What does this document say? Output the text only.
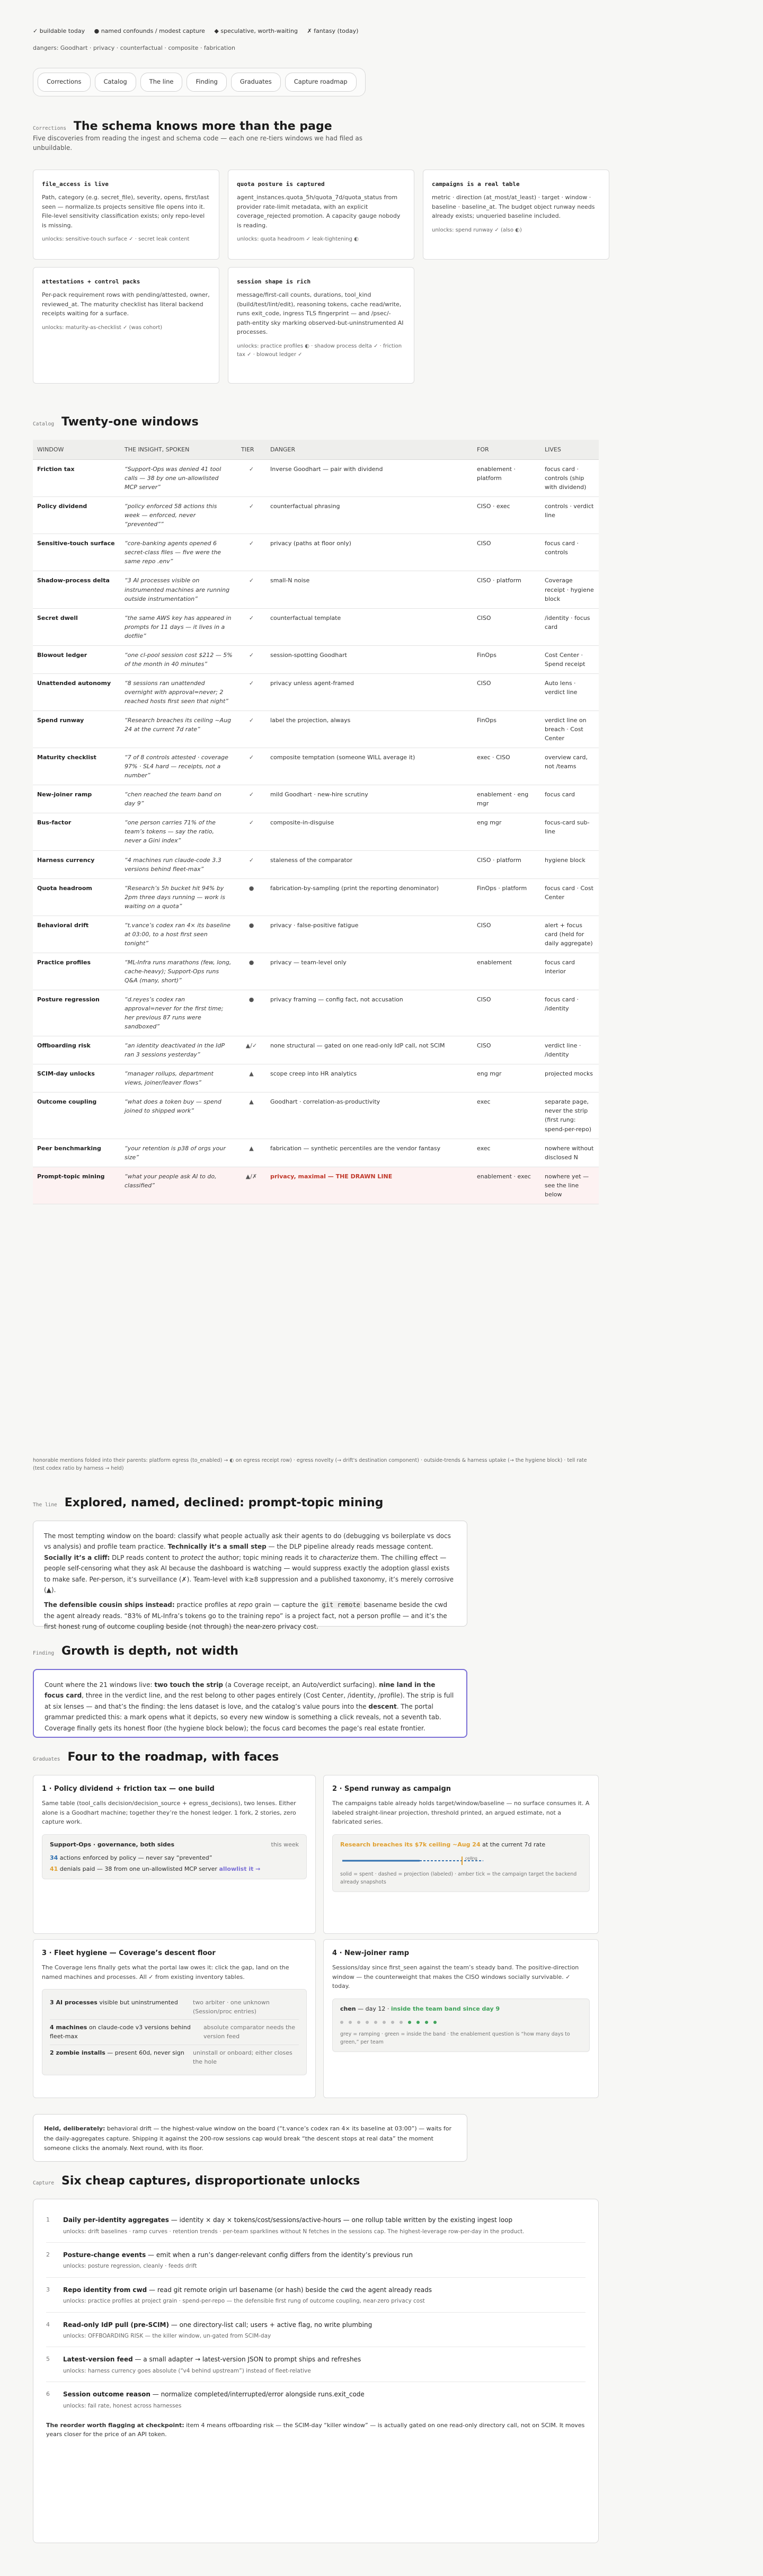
✓ buildable today ● named confounds / modest capture ◆ speculative, worth-waiting ✗ fantasy (today)
dangers: Goodhart · privacy · counterfactual · composite · fabrication
Corrections	Catalog	The line	Finding	Graduates	Capture roadmap
Corrections The schema knows more than the page
Five discoveries from reading the ingest and schema code — each one re-tiers windows we had filed as unbuildable.
file_access is live
Path, category (e.g. secret_file), severity, opens, first/last seen — normalize.ts projects sensitive file opens into it. File-level sensitivity classification exists; only repo-level is missing.
unlocks: sensitive-touch surface ✓ · secret leak content
quota posture is captured
agent_instances.quota_5h/quota_7d/quota_status from provider rate-limit metadata, with an explicit coverage_rejected promotion. A capacity gauge nobody is reading.
unlocks: quota headroom ✓ leak-tightening ◐
campaigns is a real table
metric · direction (at_most/at_least) · target · window · baseline · baseline_at. The budget object runway needs already exists; unqueried baseline included.
unlocks: spend runway ✓ (also ◐)
attestations + control packs
Per-pack requirement rows with pending/attested, owner, reviewed_at. The maturity checklist has literal backend receipts waiting for a surface.
unlocks: maturity-as-checklist ✓ (was cohort)
session shape is rich
message/first-call counts, durations, tool_kind (build/test/lint/edit), reasoning tokens, cache read/write, runs exit_code, ingress TLS fingerprint — and /psec/-path-entity sky marking observed-but-uninstrumented AI processes.
unlocks: practice profiles ◐ · shadow process delta ✓ · friction tax ✓ · blowout ledger ✓
Catalog Twenty-one windows
WINDOW	THE INSIGHT, SPOKEN	TIER	DANGER	FOR	LIVES
Friction tax	“Support-Ops was denied 41 tool calls — 38 by one un-allowlisted MCP server”	✓	Inverse Goodhart — pair with dividend	enablement · platform	focus card · controls (ship with dividend)
Policy dividend	“policy enforced 58 actions this week — enforced, never “prevented””	✓	counterfactual phrasing	CISO · exec	controls · verdict line
Sensitive-touch surface	“core-banking agents opened 6 secret-class files — five were the same repo .env”	✓	privacy (paths at floor only)	CISO	focus card · controls
Shadow-process delta	“3 AI processes visible on instrumented machines are running outside instrumentation”	✓	small-N noise	CISO · platform	Coverage receipt · hygiene block
Secret dwell	“the same AWS key has appeared in prompts for 11 days — it lives in a dotfile”	✓	counterfactual template	CISO	/identity · focus card
Blowout ledger	“one cl-pool session cost $212 — 5% of the month in 40 minutes”	✓	session-spotting Goodhart	FinOps	Cost Center · Spend receipt
Unattended autonomy	“8 sessions ran unattended overnight with approval=never; 2 reached hosts first seen that night”	✓	privacy unless agent-framed	CISO	Auto lens · verdict line
Spend runway	“Research breaches its ceiling ~Aug 24 at the current 7d rate”	✓	label the projection, always	FinOps	verdict line on breach · Cost Center
Maturity checklist	“7 of 8 controls attested · coverage 97% · SL4 hard — receipts, not a number”	✓	composite temptation (someone WILL average it)	exec · CISO	overview card, not /teams
New-joiner ramp	“chen reached the team band on day 9”	✓	mild Goodhart · new-hire scrutiny	enablement · eng mgr	focus card
Bus-factor	“one person carries 71% of the team’s tokens — say the ratio, never a Gini index”	✓	composite-in-disguise	eng mgr	focus-card sub-line
Harness currency	“4 machines run claude-code 3.3 versions behind fleet-max”	✓	staleness of the comparator	CISO · platform	hygiene block
Quota headroom	“Research’s 5h bucket hit 94% by 2pm three days running — work is waiting on a quota”	●	fabrication-by-sampling (print the reporting denominator)	FinOps · platform	focus card · Cost Center
Behavioral drift	“t.vance’s codex ran 4× its baseline at 03:00, to a host first seen tonight”	●	privacy · false-positive fatigue	CISO	alert + focus card (held for daily aggregate)
Practice profiles	“ML-Infra runs marathons (few, long, cache-heavy); Support-Ops runs Q&A (many, short)”	●	privacy — team-level only	enablement	focus card interior
Posture regression	“d.reyes’s codex ran approval=never for the first time; her previous 87 runs were sandboxed”	●	privacy framing — config fact, not accusation	CISO	focus card · /identity
Offboarding risk	“an identity deactivated in the IdP ran 3 sessions yesterday”	▲/✓	none structural — gated on one read-only IdP call, not SCIM	CISO	verdict line · /identity
SCIM-day unlocks	“manager rollups, department views, joiner/leaver flows”	▲	scope creep into HR analytics	eng mgr	projected mocks
Outcome coupling	“what does a token buy — spend joined to shipped work”	▲	Goodhart · correlation-as-productivity	exec	separate page, never the strip (first rung: spend-per-repo)
Peer benchmarking	“your retention is p38 of orgs your size”	▲	fabrication — synthetic percentiles are the vendor fantasy	exec	nowhere without disclosed N
Prompt-topic mining	“what your people ask AI to do, classified”	▲/✗	privacy, maximal — THE DRAWN LINE	enablement · exec	nowhere yet — see the line below
honorable mentions folded into their parents: platform egress (to_enabled) → ◐ on egress receipt row) · egress novelty (→ drift's destination component) · outside-trends & harness uptake (→ the hygiene block) · tell rate (test codex ratio by harness → held)
The line Explored, named, declined: prompt-topic mining

The most tempting window on the board: classify what people actually ask their agents to do (debugging vs boilerplate vs docs vs analysis) and profile team practice. Technically it’s a small step — the DLP pipeline already reads message content. Socially it’s a cliff: DLP reads content to protect the author; topic mining reads it to characterize them. The chilling effect — people self-censoring what they ask AI because the dashboard is watching — would suppress exactly the adoption glassl exists to make safe. Per-person, it’s surveillance (✗). Team-level with k≥8 suppression and a published taxonomy, it’s merely corrosive (▲).

The defensible cousin ships instead: practice profiles at repo grain — capture the git remote basename beside the cwd the agent already reads. “83% of ML-Infra’s tokens go to the training repo” is a project fact, not a person profile — and it’s the first honest rung of outcome coupling beside (not through) the near-zero privacy cost.

Finding Growth is depth, not width

Count where the 21 windows live: two touch the strip (a Coverage receipt, an Auto/verdict surfacing). nine land in the focus card, three in the verdict line, and the rest belong to other pages entirely (Cost Center, /identity, /profile). The strip is full at six lenses — and that’s the finding: the lens dataset is love, and the catalog’s value pours into the descent. The portal grammar predicted this: a mark opens what it depicts, so every new window is something a click reveals, not a seventh tab. Coverage finally gets its honest floor (the hygiene block below); the focus card becomes the page’s real estate frontier.

Graduates Four to the roadmap, with faces
1 · Policy dividend + friction tax — one build
Same table (tool_calls decision/decision_source + egress_decisions), two lenses. Either alone is a Goodhart machine; together they’re the honest ledger. 1 fork, 2 stories, zero capture work.
Support-Ops · governance, both sides	this week
34 actions enforced by policy — never say “prevented”
41 denials paid — 38 from one un-allowlisted MCP server allowlist it →
2 · Spend runway as campaign
The campaigns table already holds target/window/baseline — no surface consumes it. A labeled straight-linear projection, threshold printed, an argued estimate, not a fabricated series.
Research breaches its $7k ceiling ~Aug 24 at the current 7d rate
ceiling
solid = spent · dashed = projection (labeled) · amber tick = the campaign target the backend already snapshots
3 · Fleet hygiene — Coverage’s descent floor
The Coverage lens finally gets what the portal law owes it: click the gap, land on the named machines and processes. All ✓ from existing inventory tables.
3 AI processes visible but uninstrumented	two arbiter · one unknown (Session/proc entries)
4 machines on claude-code v3 versions behind fleet-max
absolute comparator needs the version feed
2 zombie installs — present 60d, never sign uninstall or onboard; either closes the hole
4 · New-joiner ramp
Sessions/day since first_seen against the team’s steady band. The positive-direction window — the counterweight that makes the CISO windows socially survivable. ✓ today.
chen — day 12 · inside the team band since day 9
grey = ramping · green = inside the band · the enablement question is “how many days to green,” per team
Held, deliberately: behavioral drift — the highest-value window on the board (“t.vance’s codex ran 4× its baseline at 03:00”) — waits for the daily-aggregates capture. Shipping it against the 200-row sessions cap would break “the descent stops at real data” the moment someone clicks the anomaly. Next round, with its floor.
Capture Six cheap captures, disproportionate unlocks
1	Daily per-identity aggregates — identity × day × tokens/cost/sessions/active-hours — one rollup table written by the existing ingest loop
unlocks: drift baselines · ramp curves · retention trends · per-team sparklines without N fetches in the sessions cap. The highest-leverage row-per-day in the product.
2	Posture-change events — emit when a run’s danger-relevant config differs from the identity’s previous run
unlocks: posture regression, cleanly · feeds drift
3	Repo identity from cwd — read git remote origin url basename (or hash) beside the cwd the agent already reads
unlocks: practice profiles at project grain · spend-per-repo — the defensible first rung of outcome coupling, near-zero privacy cost
4	Read-only IdP pull (pre-SCIM) — one directory-list call; users + active flag, no write plumbing
unlocks: OFFBOARDING RISK — the killer window, un-gated from SCIM-day
5	Latest-version feed — a small adapter → latest-version JSON to prompt ships and refreshes
unlocks: harness currency goes absolute (“v4 behind upstream”) instead of fleet-relative
6	Session outcome reason — normalize completed/interrupted/error alongside runs.exit_code
unlocks: fail rate, honest across harnesses
The reorder worth flagging at checkpoint: item 4 means offboarding risk — the SCIM-day “killer window” — is actually gated on one read-only directory call, not on SCIM. It moves years closer for the price of an API token.
